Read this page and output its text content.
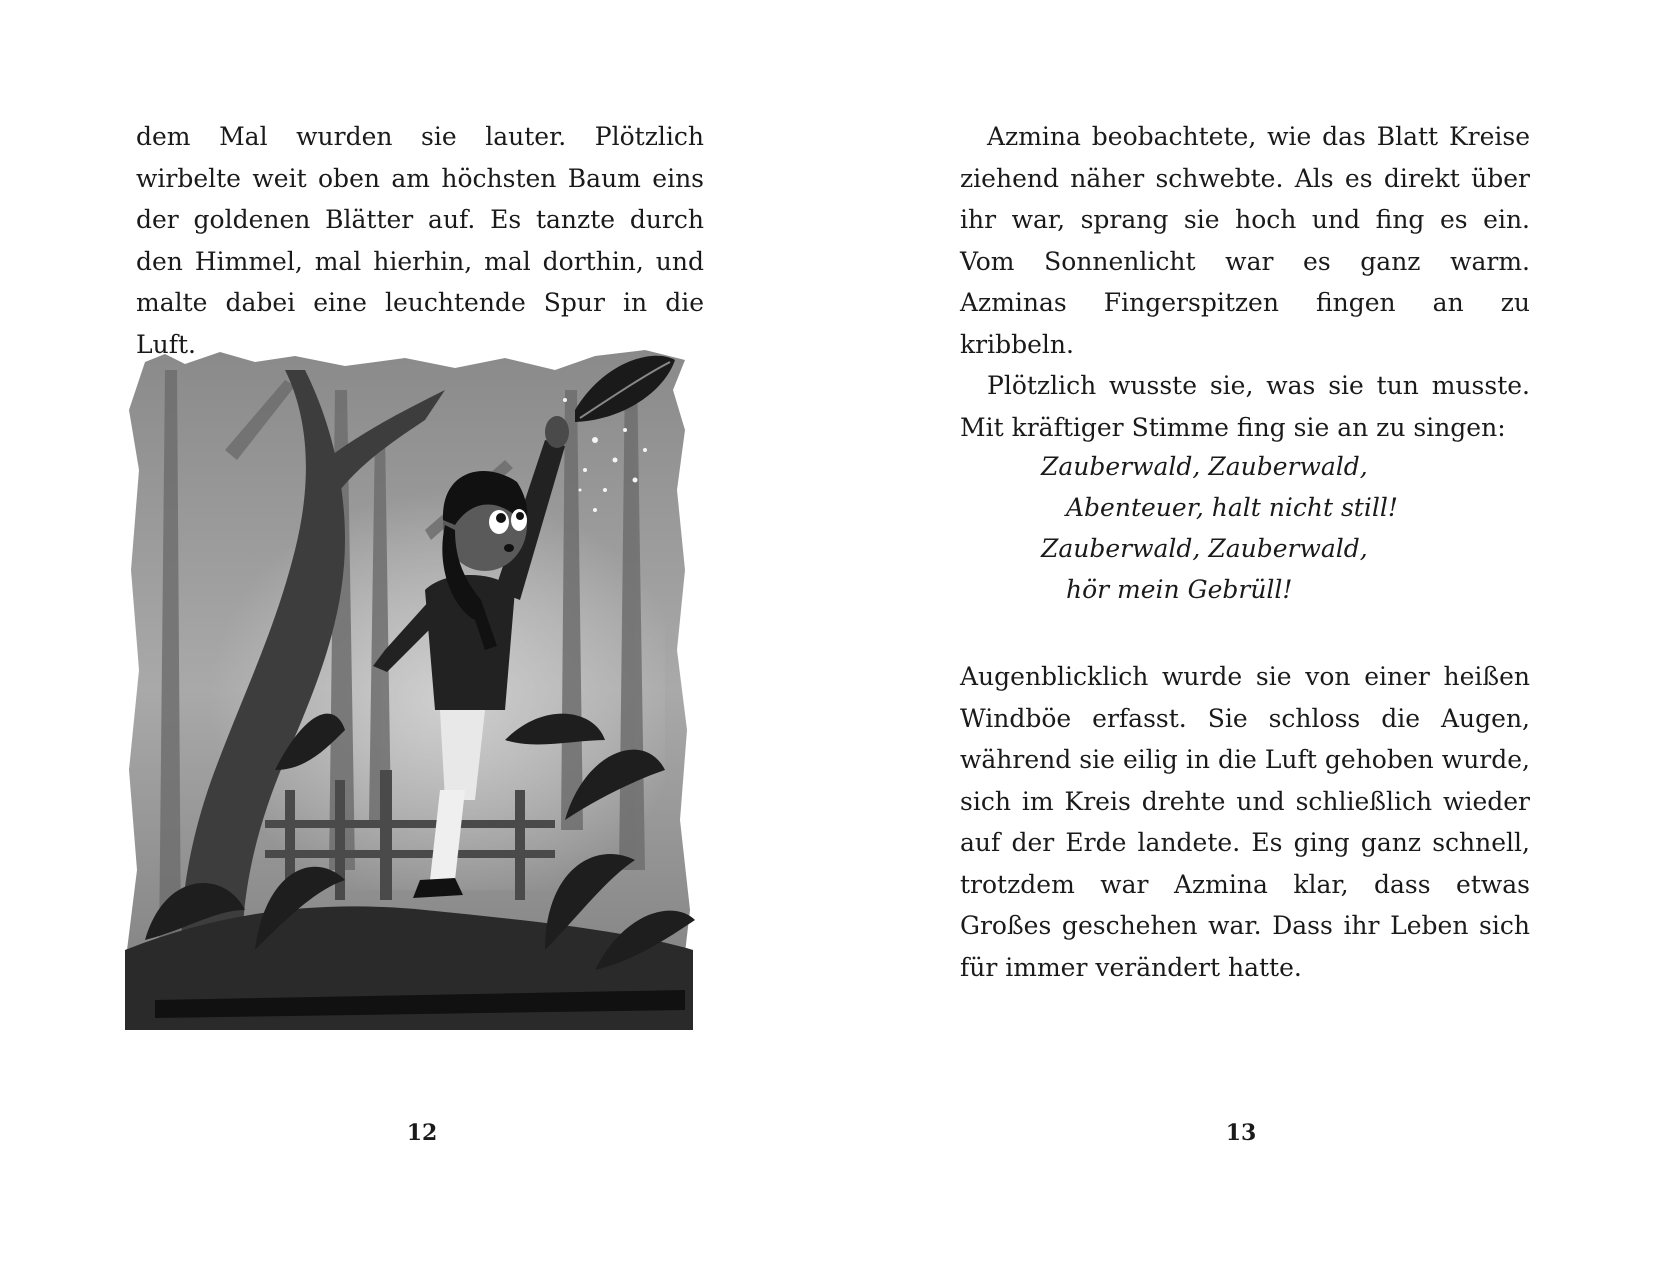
dem Mal wurden sie lauter. Plötzlich wirbelte weit oben am höchsten Baum eins der goldenen Blätter auf. Es tanzte durch den Himmel, mal hierhin, mal dorthin, und malte dabei eine leuchtende Spur in die Luft.

12

Azmina beobachtete, wie das Blatt Kreise ziehend näher schwebte. Als es direkt über ihr war, sprang sie hoch und fing es ein. Vom Sonnenlicht war es ganz warm. Azminas Fingerspitzen fingen an zu kribbeln.

Plötzlich wusste sie, was sie tun musste. Mit kräftiger Stimme fing sie an zu singen:

Zauberwald, Zauberwald,
Abenteuer, halt nicht still!
Zauberwald, Zauberwald,
hör mein Gebrüll!

Augenblicklich wurde sie von einer heißen Windböe erfasst. Sie schloss die Augen, während sie eilig in die Luft gehoben wurde, sich im Kreis drehte und schließlich wieder auf der Erde landete. Es ging ganz schnell, trotzdem war Azmina klar, dass etwas Großes geschehen war. Dass ihr Leben sich für immer verändert hatte.

13
